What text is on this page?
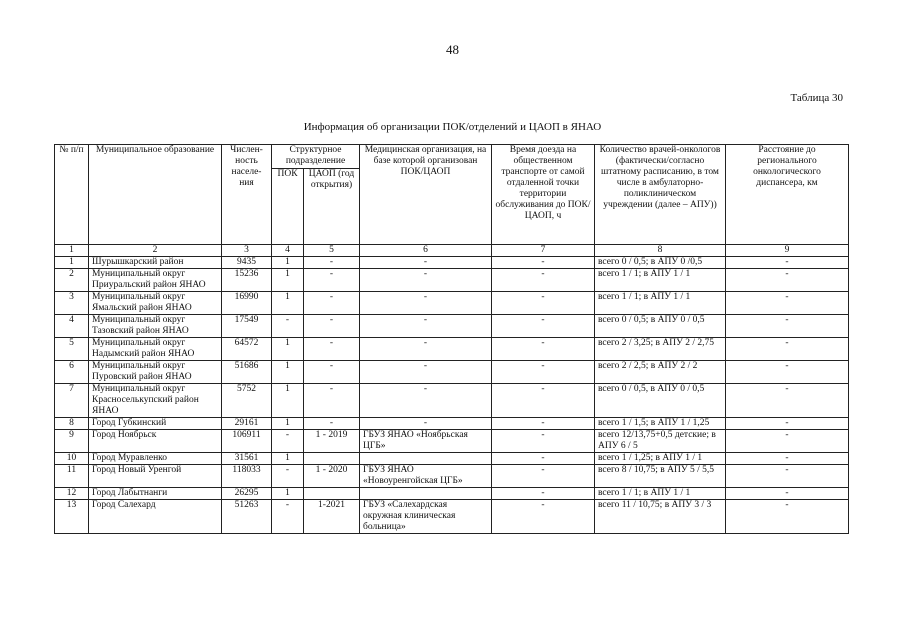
48
Таблица 30
Информация об организации ПОК/отделений и ЦАОП в ЯНАО
№ п/п	Муниципальное образование	Числен-ность населе-ния	Структурное подразделение		Медицинская организация, на базе которой организован ПОК/ЦАОП	Время доезда на общественном транспорте от самой отдаленной точки территории обслуживания до ПОК/ЦАОП, ч	Количество врачей-онкологов (фактически/согласно штатному расписанию, в том числе в амбулаторно-поликлиническом учреждении (далее – АПУ))	Расстояние до регионального онкологического диспансера, км
			ПОК	ЦАОП (год открытия)				
1	2	3	4	5	6	7	8	9
1	Шурышкарский район	9435	1	-	-	-	всего 0 / 0,5; в АПУ 0 /0,5	-
2	Муниципальный округ Приуральский район ЯНАО	15236	1	-	-	-	всего 1 / 1; в АПУ 1 / 1	-
3	Муниципальный округ Ямальский район ЯНАО	16990	1	-	-	-	всего 1 / 1; в АПУ 1 / 1	-
4	Муниципальный округ Тазовский район ЯНАО	17549	-	-	-	-	всего 0 / 0,5; в АПУ 0 / 0,5	-
5	Муниципальный округ Надымский район ЯНАО	64572	1	-	-	-	всего 2 / 3,25; в АПУ 2 / 2,75	-
6	Муниципальный округ Пуровский район ЯНАО	51686	1	-	-	-	всего 2 / 2,5; в АПУ 2 / 2	-
7	Муниципальный округ Красноселькупский район ЯНАО	5752	1	-	-	-	всего 0 / 0,5, в АПУ 0 / 0,5	-
8	Город Губкинский	29161	1	-	-	-	всего 1 / 1,5; в АПУ 1 / 1,25	-
9	Город Ноябрьск	106911	-	1 - 2019	ГБУЗ ЯНАО «Ноябрьская ЦГБ»	-	всего 12/13,75+0,5 детские; в АПУ 6 / 5	-
10	Город Муравленко	31561	1			-	всего 1 / 1,25; в АПУ 1 / 1	-
11	Город Новый Уренгой	118033	-	1 - 2020	ГБУЗ ЯНАО «Новоуренгойская ЦГБ»	-	всего 8 / 10,75; в АПУ 5 / 5,5	-
12	Город Лабытнанги	26295	1			-	всего 1 / 1; в АПУ 1 / 1	-
13	Город Салехард	51263	-	1-2021	ГБУЗ «Салехардская окружная клиническая больница»	-	всего 11 / 10,75; в АПУ 3 / 3	-
